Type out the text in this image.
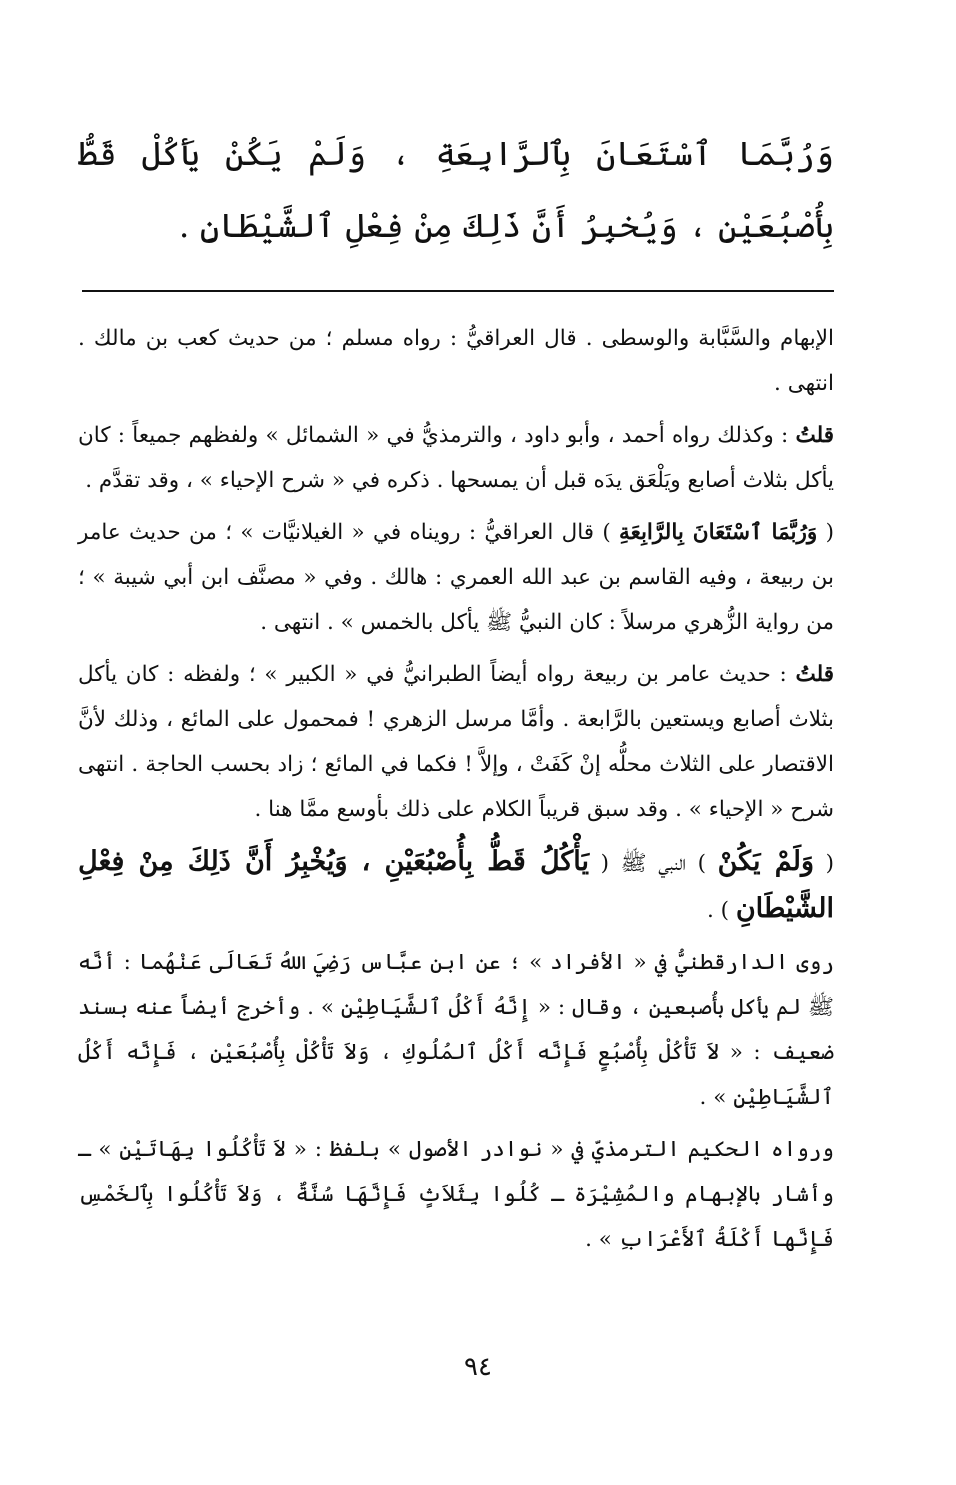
وَرُبَّمَا ٱسْتَعَانَ بِٱلرَّابِعَةِ ، وَلَمْ يَكُنْ يَأكُلْ قَطُّ بِأُصْبُعَيْنِ ، وَيُخبِرُ أَنَّ ذَلِكَ مِنْ فِعْلِ ٱلشَّيْطَانِ .

الإبهام والسَّبَّابة والوسطى . قال العراقيُّ : رواه مسلم ؛ من حديث كعب بن مالك . انتهى .

قلتُ : وكذلك رواه أحمد ، وأبو داود ، والترمذيُّ في « الشمائل » ولفظهم جميعاً : كان يأكل بثلاث أصابع ويَلْعَق يدَه قبل أن يمسحها . ذكره في « شرح الإحياء » ، وقد تقدَّم .

( وَرُبَّمَا ٱسْتَعَانَ بِالرَّابِعَةِ ) قال العراقيُّ : رويناه في « الغيلانيَّات » ؛ من حديث عامر بن ربيعة ، وفيه القاسم بن عبد الله العمري : هالك . وفي « مصنَّف ابن أبي شيبة » ؛ من رواية الزُّهري مرسلاً : كان النبيُّ ﷺ يأكل بالخمس » . انتهى .

قلتُ : حديث عامر بن ربيعة رواه أيضاً الطبرانيُّ في « الكبير » ؛ ولفظه : كان يأكل بثلاث أصابع ويستعين بالرَّابعة . وأمَّا مرسل الزهري ! فمحمول على المائع ، وذلك لأنَّ الاقتصار على الثلاث محلُّه إنْ كَفَتْ ، وإلاَّ ! فكما في المائع ؛ زاد بحسب الحاجة . انتهى شرح « الإحياء » . وقد سبق قريباً الكلام على ذلك بأوسع ممَّا هنا .

( وَلَمْ يَكُنْ ) النبي ﷺ ( يَأْكُلُ قَطُّ بِأُصْبُعَيْنِ ، وَيُخْبِرُ أَنَّ ذَلِكَ مِنْ فِعْلِ الشَّيْطَانِ ) .

روى الدارقطنيُّ في « الأفراد » ؛ عن ابن عبَّاس رَضِيَ اللهُ تَعَالَى عَنْهُما : أنَّه ﷺ لم يأكل بأُصبعين ، وقال : « إِنَّهُ أَكْلُ ٱلشَّيَاطِيْنِ » . وأخرج أيضاً عنه بسند ضعيف : « لاَ تَأْكُلْ بِأُصْبُعٍ فَإِنَّه أَكْلُ ٱلمُلُوكِ ، وَلاَ تَأْكُلْ بِأُصْبُعَيْنِ ، فَإِنَّه أَكْلُ ٱلشَّيَاطِيْنِ » .

ورواه الحكيم الترمذيّ في « نوادر الأصول » بلفظ : « لاَ تَأْكُلُوا بِهَاتَيْنِ » ـ وأشار بالإبهام والمُشِيْرَة ـ كُلُوا بِثَلاَثٍ فَإِنَّهَا سُنَّةٌ ، وَلاَ تَأْكُلُوا بِٱلخَمْسِ فَإِنَّها أَكْلَةُ ٱلأَعْرَابِ » .

٩٤
